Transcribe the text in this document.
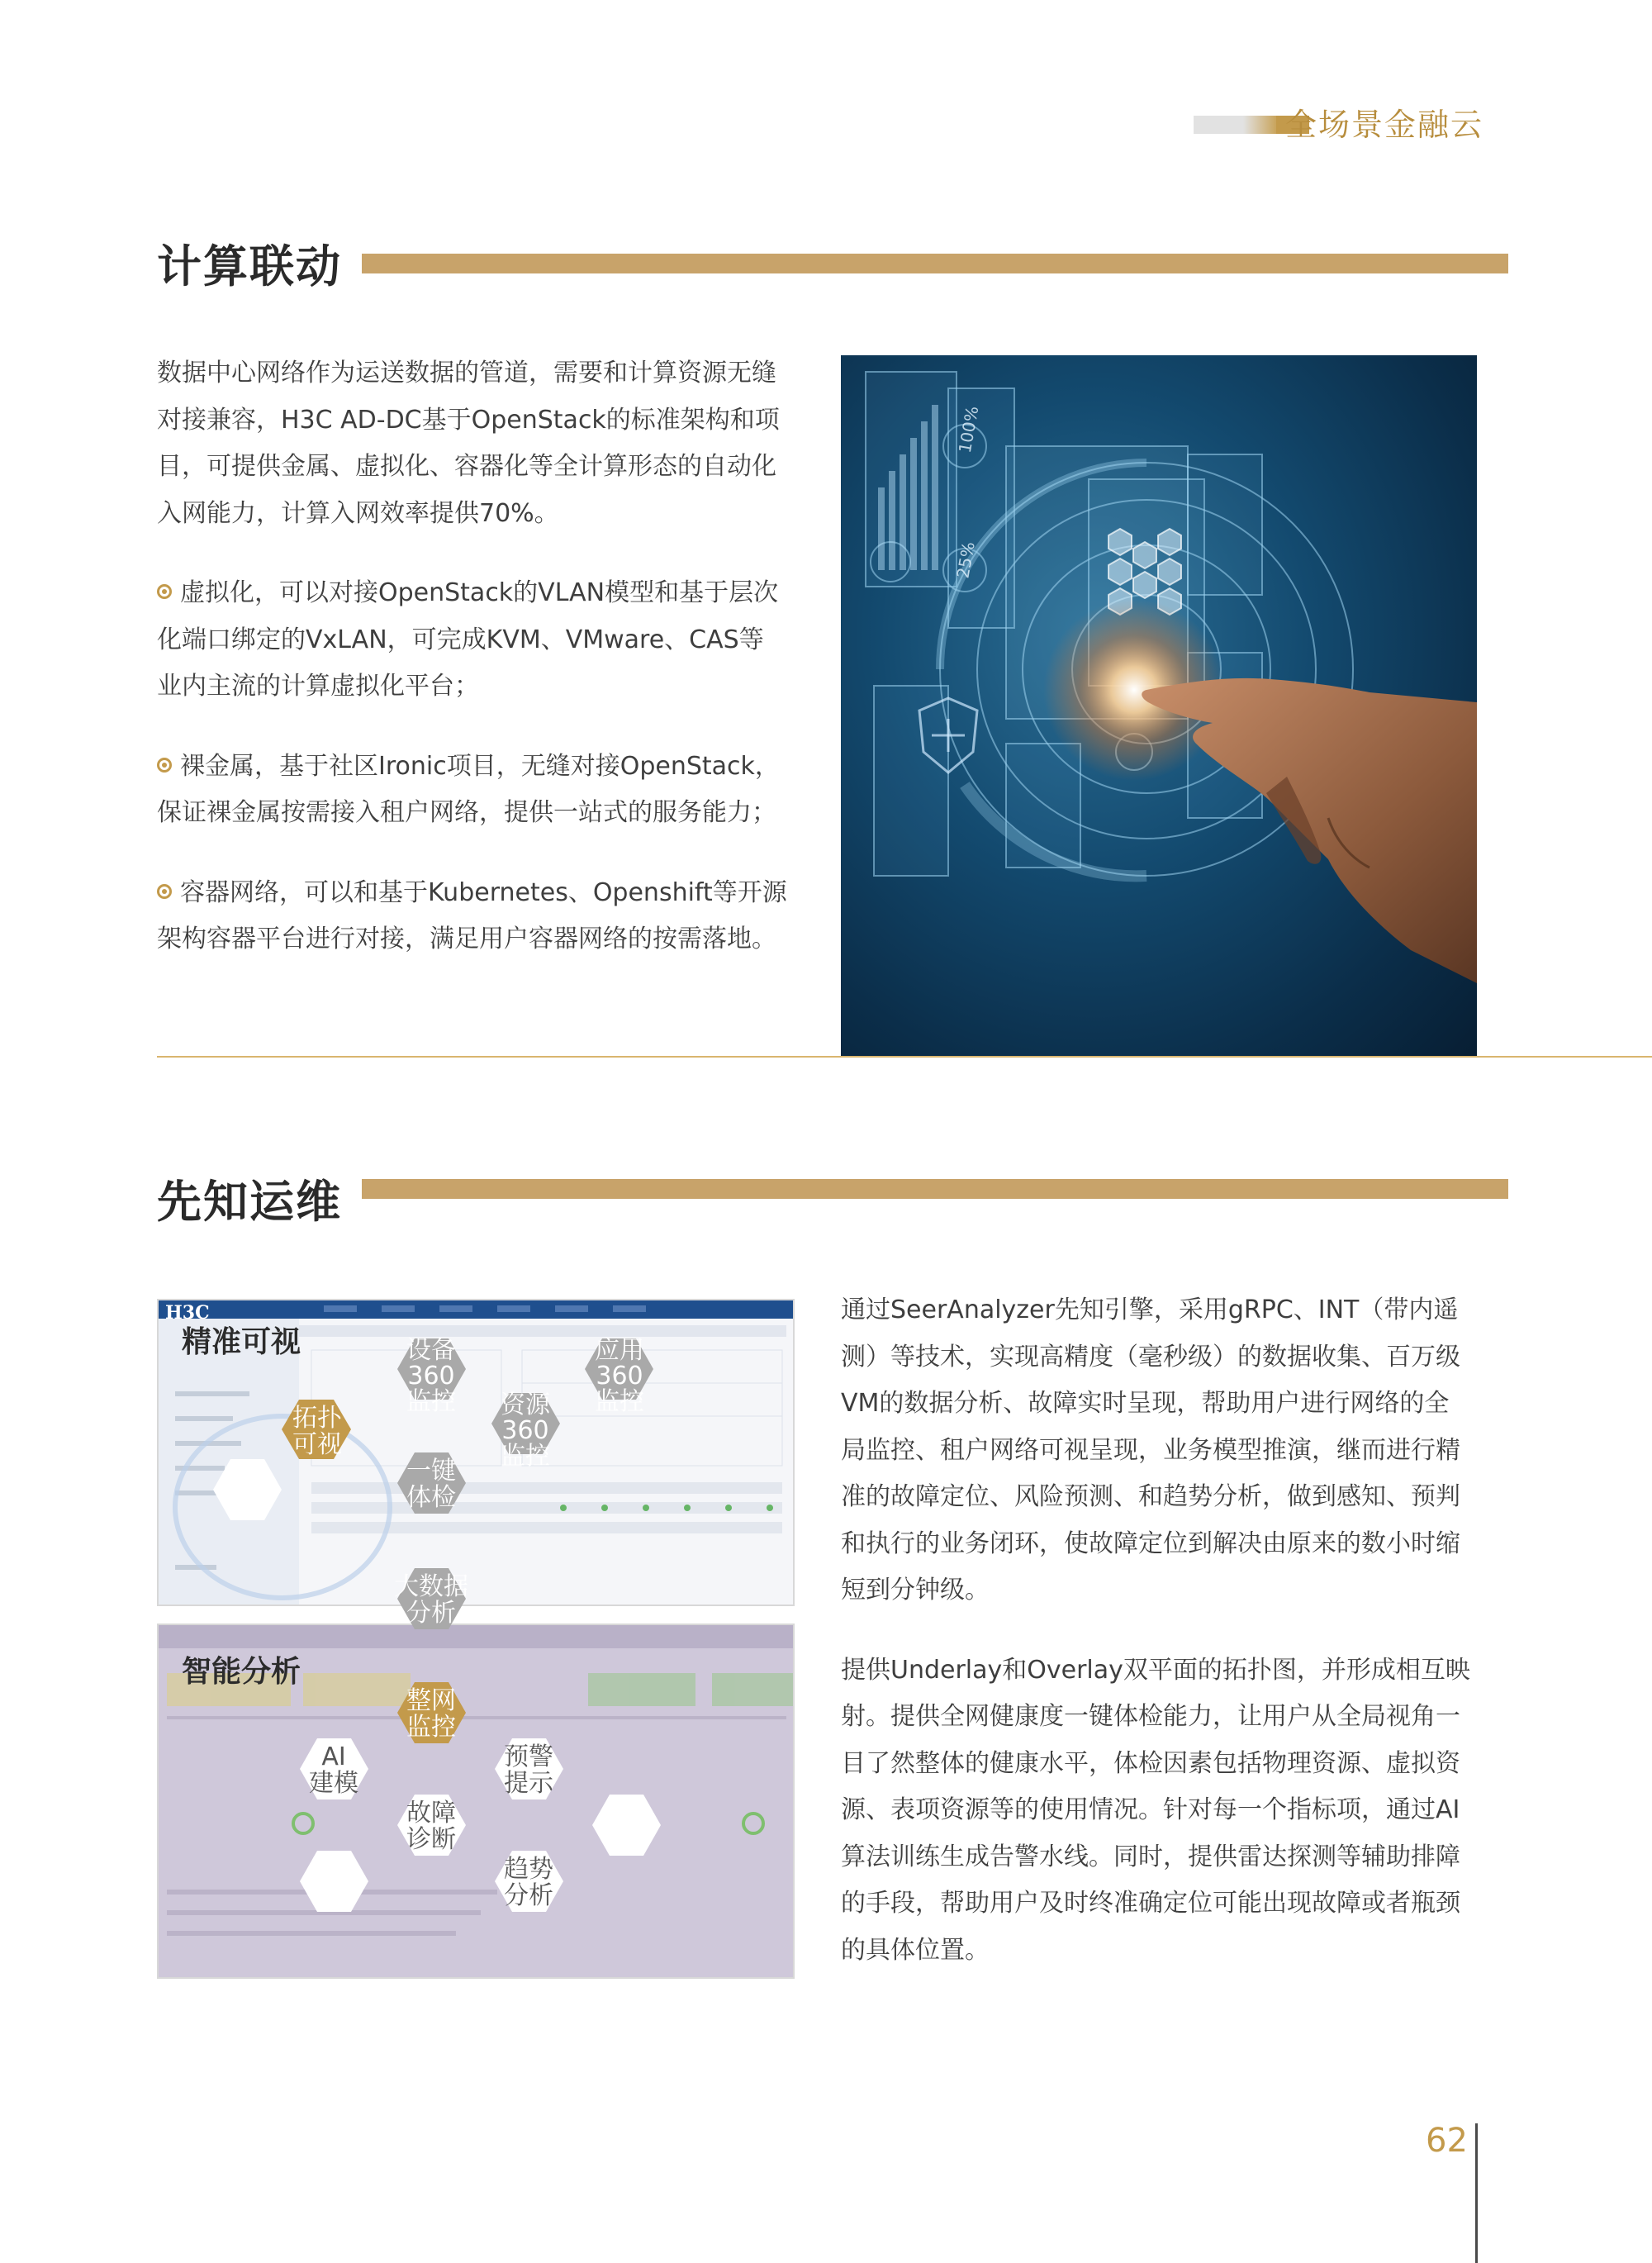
全场景金融云
计算联动

数据中心网络作为运送数据的管道，需要和计算资源无缝

对接兼容，H3C AD-DC基于OpenStack的标准架构和项

目，可提供金属、虚拟化、容器化等全计算形态的自动化

入网能力，计算入网效率提供70%。

虚拟化，可以对接OpenStack的VLAN模型和基于层次

化端口绑定的VxLAN，可完成KVM、VMware、CAS等

业内主流的计算虚拟化平台；

裸金属，基于社区Ironic项目，无缝对接OpenStack，

保证裸金属按需接入租户网络，提供一站式的服务能力；

容器网络，可以和基于Kubernetes、Openshift等开源

架构容器平台进行对接，满足用户容器网络的按需落地。

100%
25%
先知运维

通过SeerAnalyzer先知引擎，采用gRPC、INT（带内遥

测）等技术，实现高精度（毫秒级）的数据收集、百万级

VM的数据分析、故障实时呈现，帮助用户进行网络的全

局监控、租户网络可视呈现，业务模型推演，继而进行精

准的故障定位、风险预测、和趋势分析，做到感知、预判

和执行的业务闭环，使故障定位到解决由原来的数小时缩

短到分钟级。

提供Underlay和Overlay双平面的拓扑图，并形成相互映

射。提供全网健康度一键体检能力，让用户从全局视角一

目了然整体的健康水平，体检因素包括物理资源、虚拟资

源、表项资源等的使用情况。针对每一个指标项，通过AI

算法训练生成告警水线。同时，提供雷达探测等辅助排障

的手段，帮助用户及时终准确定位可能出现故障或者瓶颈

的具体位置。

H3C
精准可视
智能分析
拓扑
可视
设备
360
监控
应用
360
监控
资源
360
监控
一键
体检
大数据
分析
整网
监控
AI
建模
预警
提示
故障
诊断
趋势
分析
62
